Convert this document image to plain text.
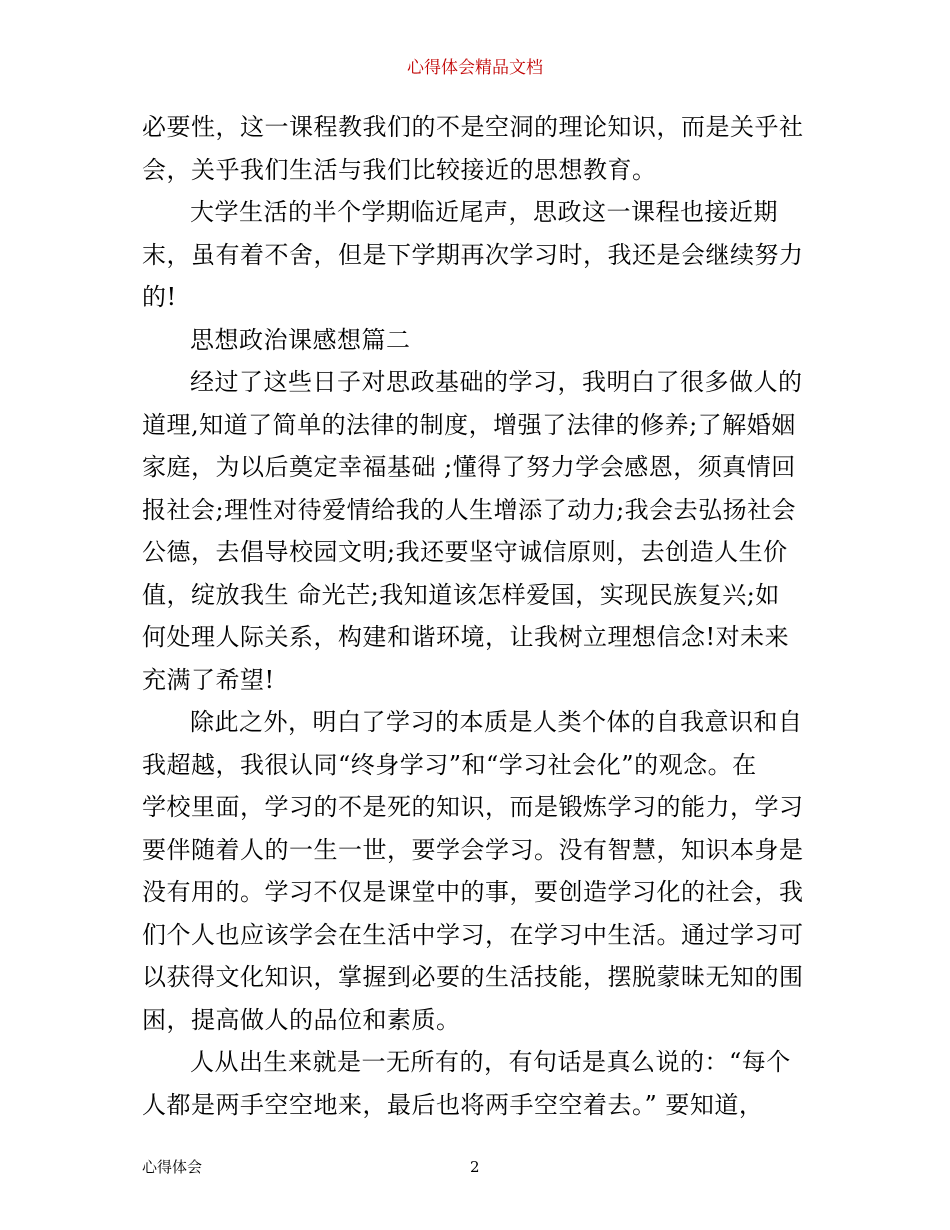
心得体会精品文档
必要性，这一课程教我们的不是空洞的理论知识，而是关乎社
会，关乎我们生活与我们比较接近的思想教育。
大学生活的半个学期临近尾声，思政这一课程也接近期
末，虽有着不舍，但是下学期再次学习时，我还是会继续努力
的!
思想政治课感想篇二
经过了这些日子对思政基础的学习，我明白了很多做人的
道理,知道了简单的法律的制度，增强了法律的修养;了解婚姻
家庭，为以后奠定幸福基础 ;懂得了努力学会感恩，须真情回
报社会;理性对待爱情给我的人生增添了动力;我会去弘扬社会
公德，去倡导校园文明;我还要坚守诚信原则，去创造人生价
值，绽放我生 命光芒;我知道该怎样爱国，实现民族复兴;如
何处理人际关系，构建和谐环境，让我树立理想信念!对未来
充满了希望!
除此之外，明白了学习的本质是人类个体的自我意识和自
我超越，我很认同“终身学习”和“学习社会化”的观念。在
学校里面，学习的不是死的知识，而是锻炼学习的能力，学习
要伴随着人的一生一世，要学会学习。没有智慧，知识本身是
没有用的。学习不仅是课堂中的事，要创造学习化的社会，我
们个人也应该学会在生活中学习，在学习中生活。通过学习可
以获得文化知识，掌握到必要的生活技能，摆脱蒙昧无知的围
困，提高做人的品位和素质。
人从出生来就是一无所有的，有句话是真么说的：“每个
人都是两手空空地来，最后也将两手空空着去。” 要知道，
心得体会	2
